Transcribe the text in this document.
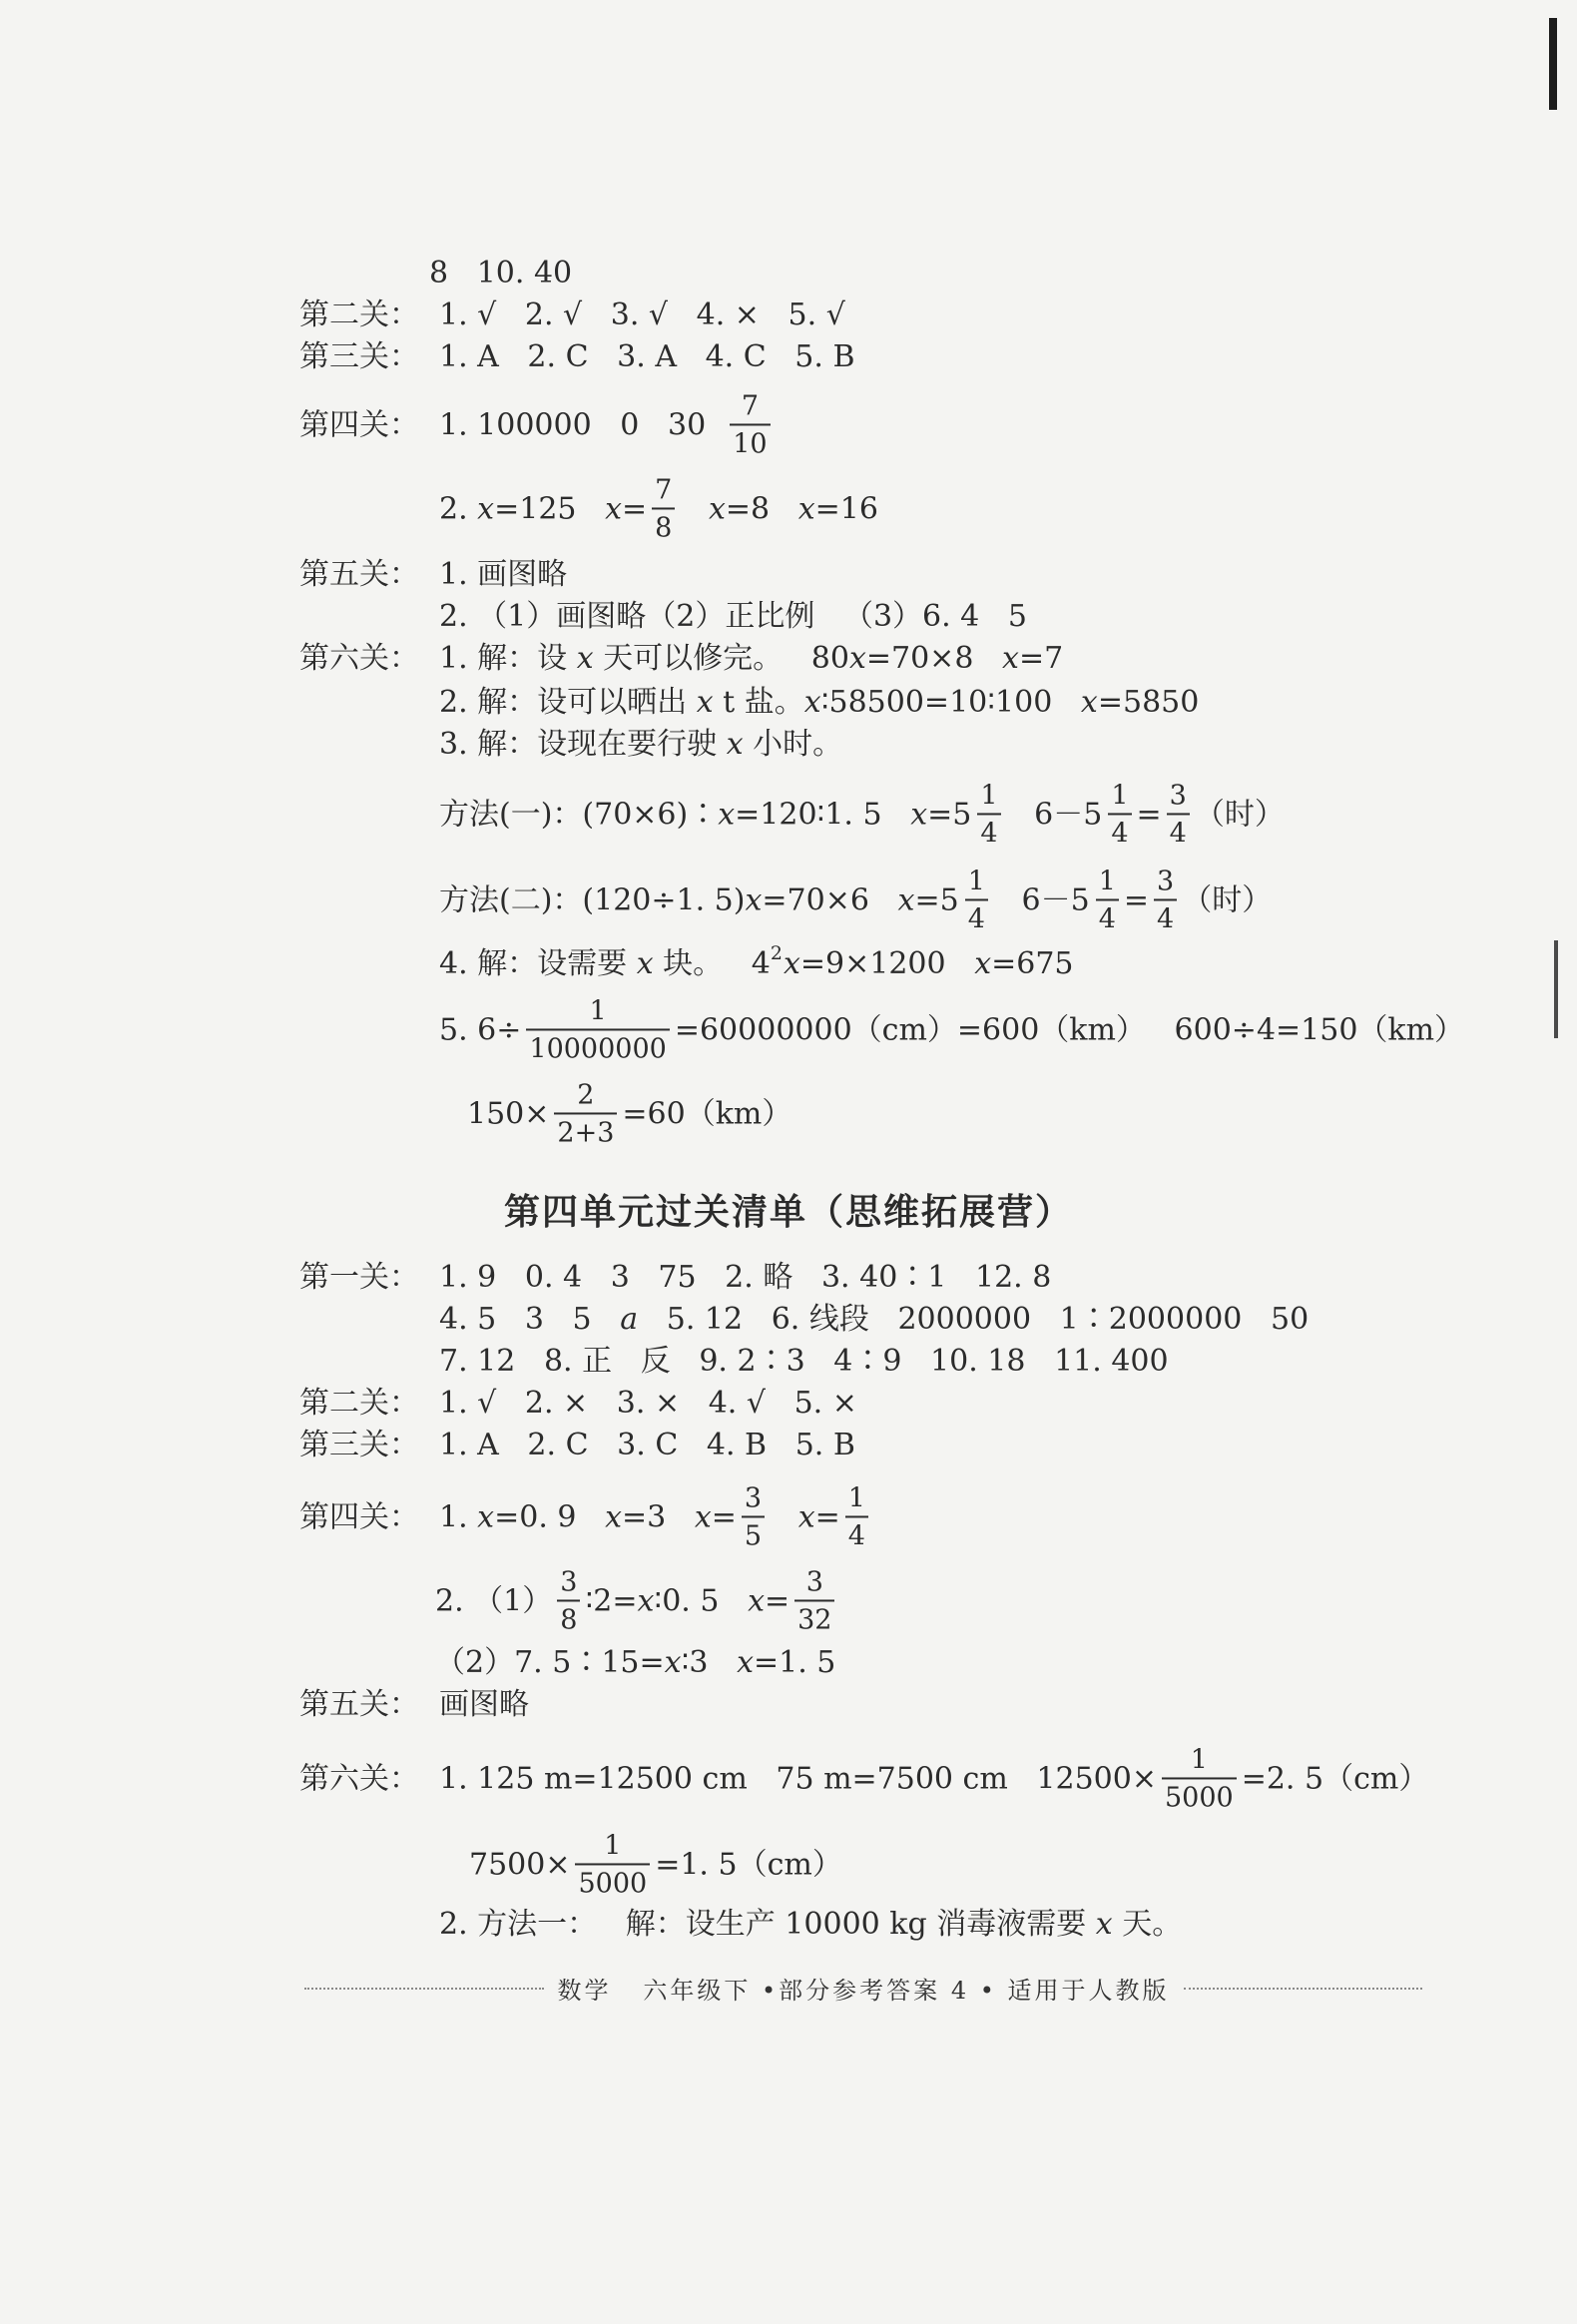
8   10. 40
第二关： 1. √   2. √   3. √   4. ×   5. √
第三关： 1. A   2. C   3. A   4. C   5. B
第四关： 1. 100000   0   $30 \frac{7}{10}$
2. x =125 $x = \frac{7}{8}$
x =8 x =16
第五关： 1. 画图略
2. （1）画图略（2）正比例   （3）6. 4   5
第六关： 1. 解：设 x 天可以修完。   80 x =70×8 x =7
2. 解：设可以晒出 x t 盐。 x ∶58500=10∶100 x =5850
3. 解：设现在要行驶 x 小时。
方法(一)：(70×6)∶ x =120∶1. 5 $x = 5 \frac{1}{4} 6- 5 \frac{1}{4} = \frac{3}{4}$ （时）
方法(二)：(120÷1. 5) x =70×6 $x = 5 \frac{1}{4} 6- 5 \frac{1}{4} = \frac{3}{4}$ （时）
4. 解：设需要 x 块。   4 2 x =9×1200 x =675
5. $6\div \frac{1}{10000000} =60000000(cm)=600(km)$   600÷4=150（km）
$150\times \frac{2}{2+3} =60(km)$
第一关： 1. 9   0. 4   3   75   2. 略   3. 40∶1   12. 8
4. 5   3   5 a 5. 12   6. 线段   2000000   1∶2000000   50
7. 12   8. 正   反   9. 2∶3   4∶9   10. 18   11. 400
第二关： 1. √   2. ×   3. ×   4. √   5. ×
第三关： 1. A   2. C   3. C   4. B   5. B
第四关： 1. x =0. 9 x =3 $x = \frac{3}{5}$
$x = \frac{1}{4}$
2. $(1) \frac{3}{8}$ ∶2= x ∶0. 5 $x = \frac{3}{32}$
（2）7. 5∶15= x ∶3 x =1. 5
第五关： 画图略
第六关： 1. 125 m=12500 cm   75 m=7500 cm   $12500\times \frac{1}{5000} =2$. 5（cm）
$7500\times \frac{1}{5000} =1$. 5（cm）
2. 方法一：   解：设生产 10000 kg 消毒液需要 x 天。
第四单元过关清单（思维拓展营）
数学   六年级下 •部分参考答案 4 • 适用于人教版
